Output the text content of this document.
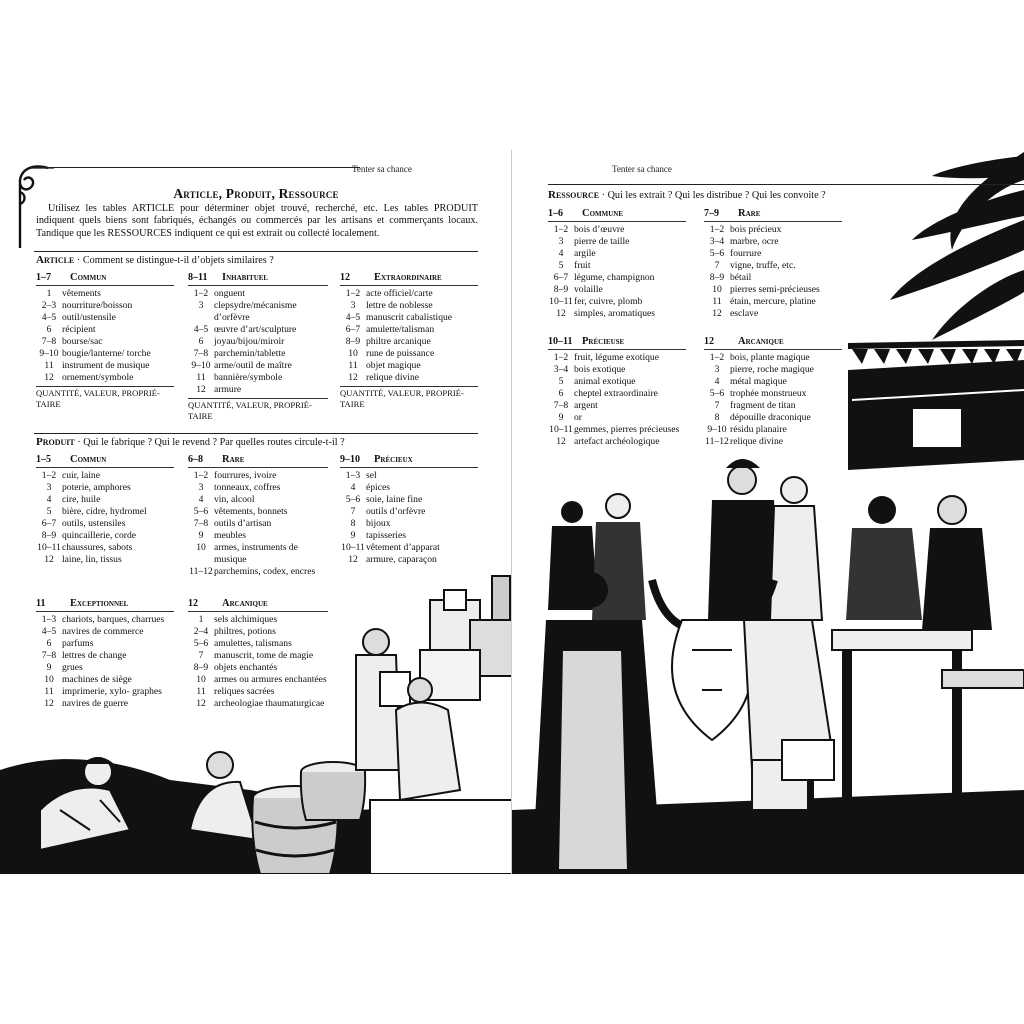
Tenter sa chance
Article, Produit, Ressource
Utilisez les tables ARTICLE pour déterminer objet trouvé, recherché, etc. Les tables PRODUIT indiquent quels biens sont fabriqués, échangés ou commercés par les artisans et commerçants locaux. Tandique que les RESSOURCES indiquent ce qui est extrait ou collecté localement.
Article · Comment se distingue-t-il d’objets similaires ?
1–7 Commun
1	vêtements
2–3 nourriture/boisson
4–5 outil/ustensile
6	récipient
7–8 bourse/sac
9–10 bougie/lanterne/ torche
11 instrument de musique
12 ornement/symbole
QUANTITÉ, VALEUR, PROPRIÉ- TAIRE
8–11 Inhabituel
1–2 onguent
3	clepsydre/mécanisme d’orfèvre
4–5 œuvre d’art/sculpture
6	joyau/bijou/miroir
7–8 parchemin/tablette
9–10 arme/outil de maître
11 bannière/symbole
12 armure
QUANTITÉ, VALEUR, PROPRIÉ- TAIRE
12 Extraordinaire
1–2 acte officiel/carte
3	lettre de noblesse
4–5 manuscrit cabalistique
6–7 amulette/talisman
8–9 philtre arcanique
10 rune de puissance
11 objet magique
12 relique divine
QUANTITÉ, VALEUR, PROPRIÉ- TAIRE
Produit · Qui le fabrique ? Qui le revend ? Par quelles routes circule-t-il ?
1–5 Commun
1–2 cuir, laine
3	poterie, amphores
4	cire, huile
5	bière, cidre, hydromel
6–7 outils, ustensiles
8–9 quincaillerie, corde
10–11 chaussures, sabots
12 laine, lin, tissus
6–8 Rare
1–2 fourrures, ivoire
3	tonneaux, coffres
4	vin, alcool
5–6 vêtements, bonnets
7–8 outils d’artisan
9	meubles
10 armes, instruments de musique
11–12 parchemins, codex, encres
9–10 Précieux
1–3 sel
4	épices
5–6 soie, laine fine
7	outils d’orfèvre
8	bijoux
9	tapisseries
10–11 vêtement d’apparat
12 armure, caparaçon
11 Exceptionnel
1–3 chariots, barques, charrues
4–5 navires de commerce
6	parfums
7–8 lettres de change
9	grues
10 machines de siège
11 imprimerie, xylo- graphes
12 navires de guerre
12 Arcanique
1	sels alchimiques
2–4 philtres, potions
5–6 amulettes, talismans
7	manuscrit, tome de magie
8–9 objets enchantés
10 armes ou armures enchantées
11 reliques sacrées
12 archeologiae thaumaturgicae
Tenter sa chance
Ressource · Qui les extrait ? Qui les distribue ? Qui les convoite ?
1–6 Commune
1–2 bois d’œuvre
3	pierre de taille
4	argile
5	fruit
6–7 légume, champignon
8–9 volaille
10–11 fer, cuivre, plomb
12 simples, aromatiques
7–9 Rare
1–2 bois précieux
3–4 marbre, ocre
5–6 fourrure
7	vigne, truffe, etc.
8–9 bétail
10 pierres semi-précieuses
11 étain, mercure, platine
12 esclave
10–11 Précieuse
1–2 fruit, légume exotique
3–4 bois exotique
5	animal exotique
6	cheptel extraordinaire
7–8 argent
9	or
10–11 gemmes, pierres précieuses
12 artefact archéologique
12 Arcanique
1–2 bois, plante magique
3	pierre, roche magique
4	métal magique
5–6 trophée monstrueux
7	fragment de titan
8	dépouille draconique
9–10 résidu planaire
11–12 relique divine
